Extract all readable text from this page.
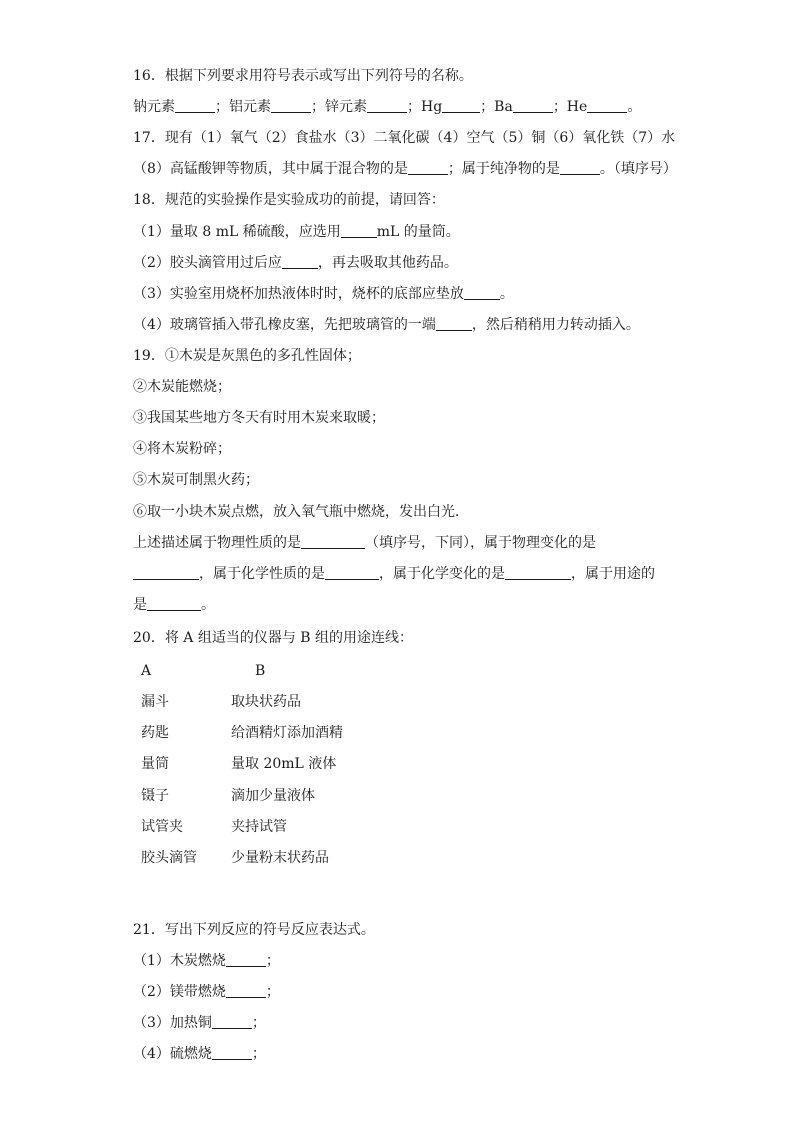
16．根据下列要求用符号表示或写出下列符号的名称。
钠元素	；铝元素	；锌元素	；Hg	；Ba	；He	。
17．现有（1）氧气（2）食盐水（3）二氧化碳（4）空气（5）铜（6）氧化铁（7）水
（8）高锰酸钾等物质，其中属于混合物的是	；属于纯净物的是	。（填序号）
18．规范的实验操作是实验成功的前提，请回答：
（1）量取 8 mL 稀硫酸，应选用	mL 的量筒。
（2）胶头滴管用过后应	，再去吸取其他药品。
（3）实验室用烧杯加热液体时时，烧杯的底部应垫放	。
（4）玻璃管插入带孔橡皮塞，先把玻璃管的一端	，然后稍稍用力转动插入。
19．①木炭是灰黑色的多孔性固体；
②木炭能燃烧；
③我国某些地方冬天有时用木炭来取暖；
④将木炭粉碎；
⑤木炭可制黑火药；
⑥取一小块木炭点燃，放入氧气瓶中燃烧，发出白光．
上述描述属于物理性质的是	（填序号，下同），属于物理变化的是
，属于化学性质的是	，属于化学变化的是	，属于用途的
是	。
20．将 A 组适当的仪器与 B 组的用途连线：
A	B
漏斗	取块状药品
药匙	给酒精灯添加酒精
量筒	量取 20mL 液体
镊子	滴加少量液体
试管夹	夹持试管
胶头滴管 少量粉末状药品
21．写出下列反应的符号反应表达式。
（1）木炭燃烧	；
（2）镁带燃烧	；
（3）加热铜	；
（4）硫燃烧	；
